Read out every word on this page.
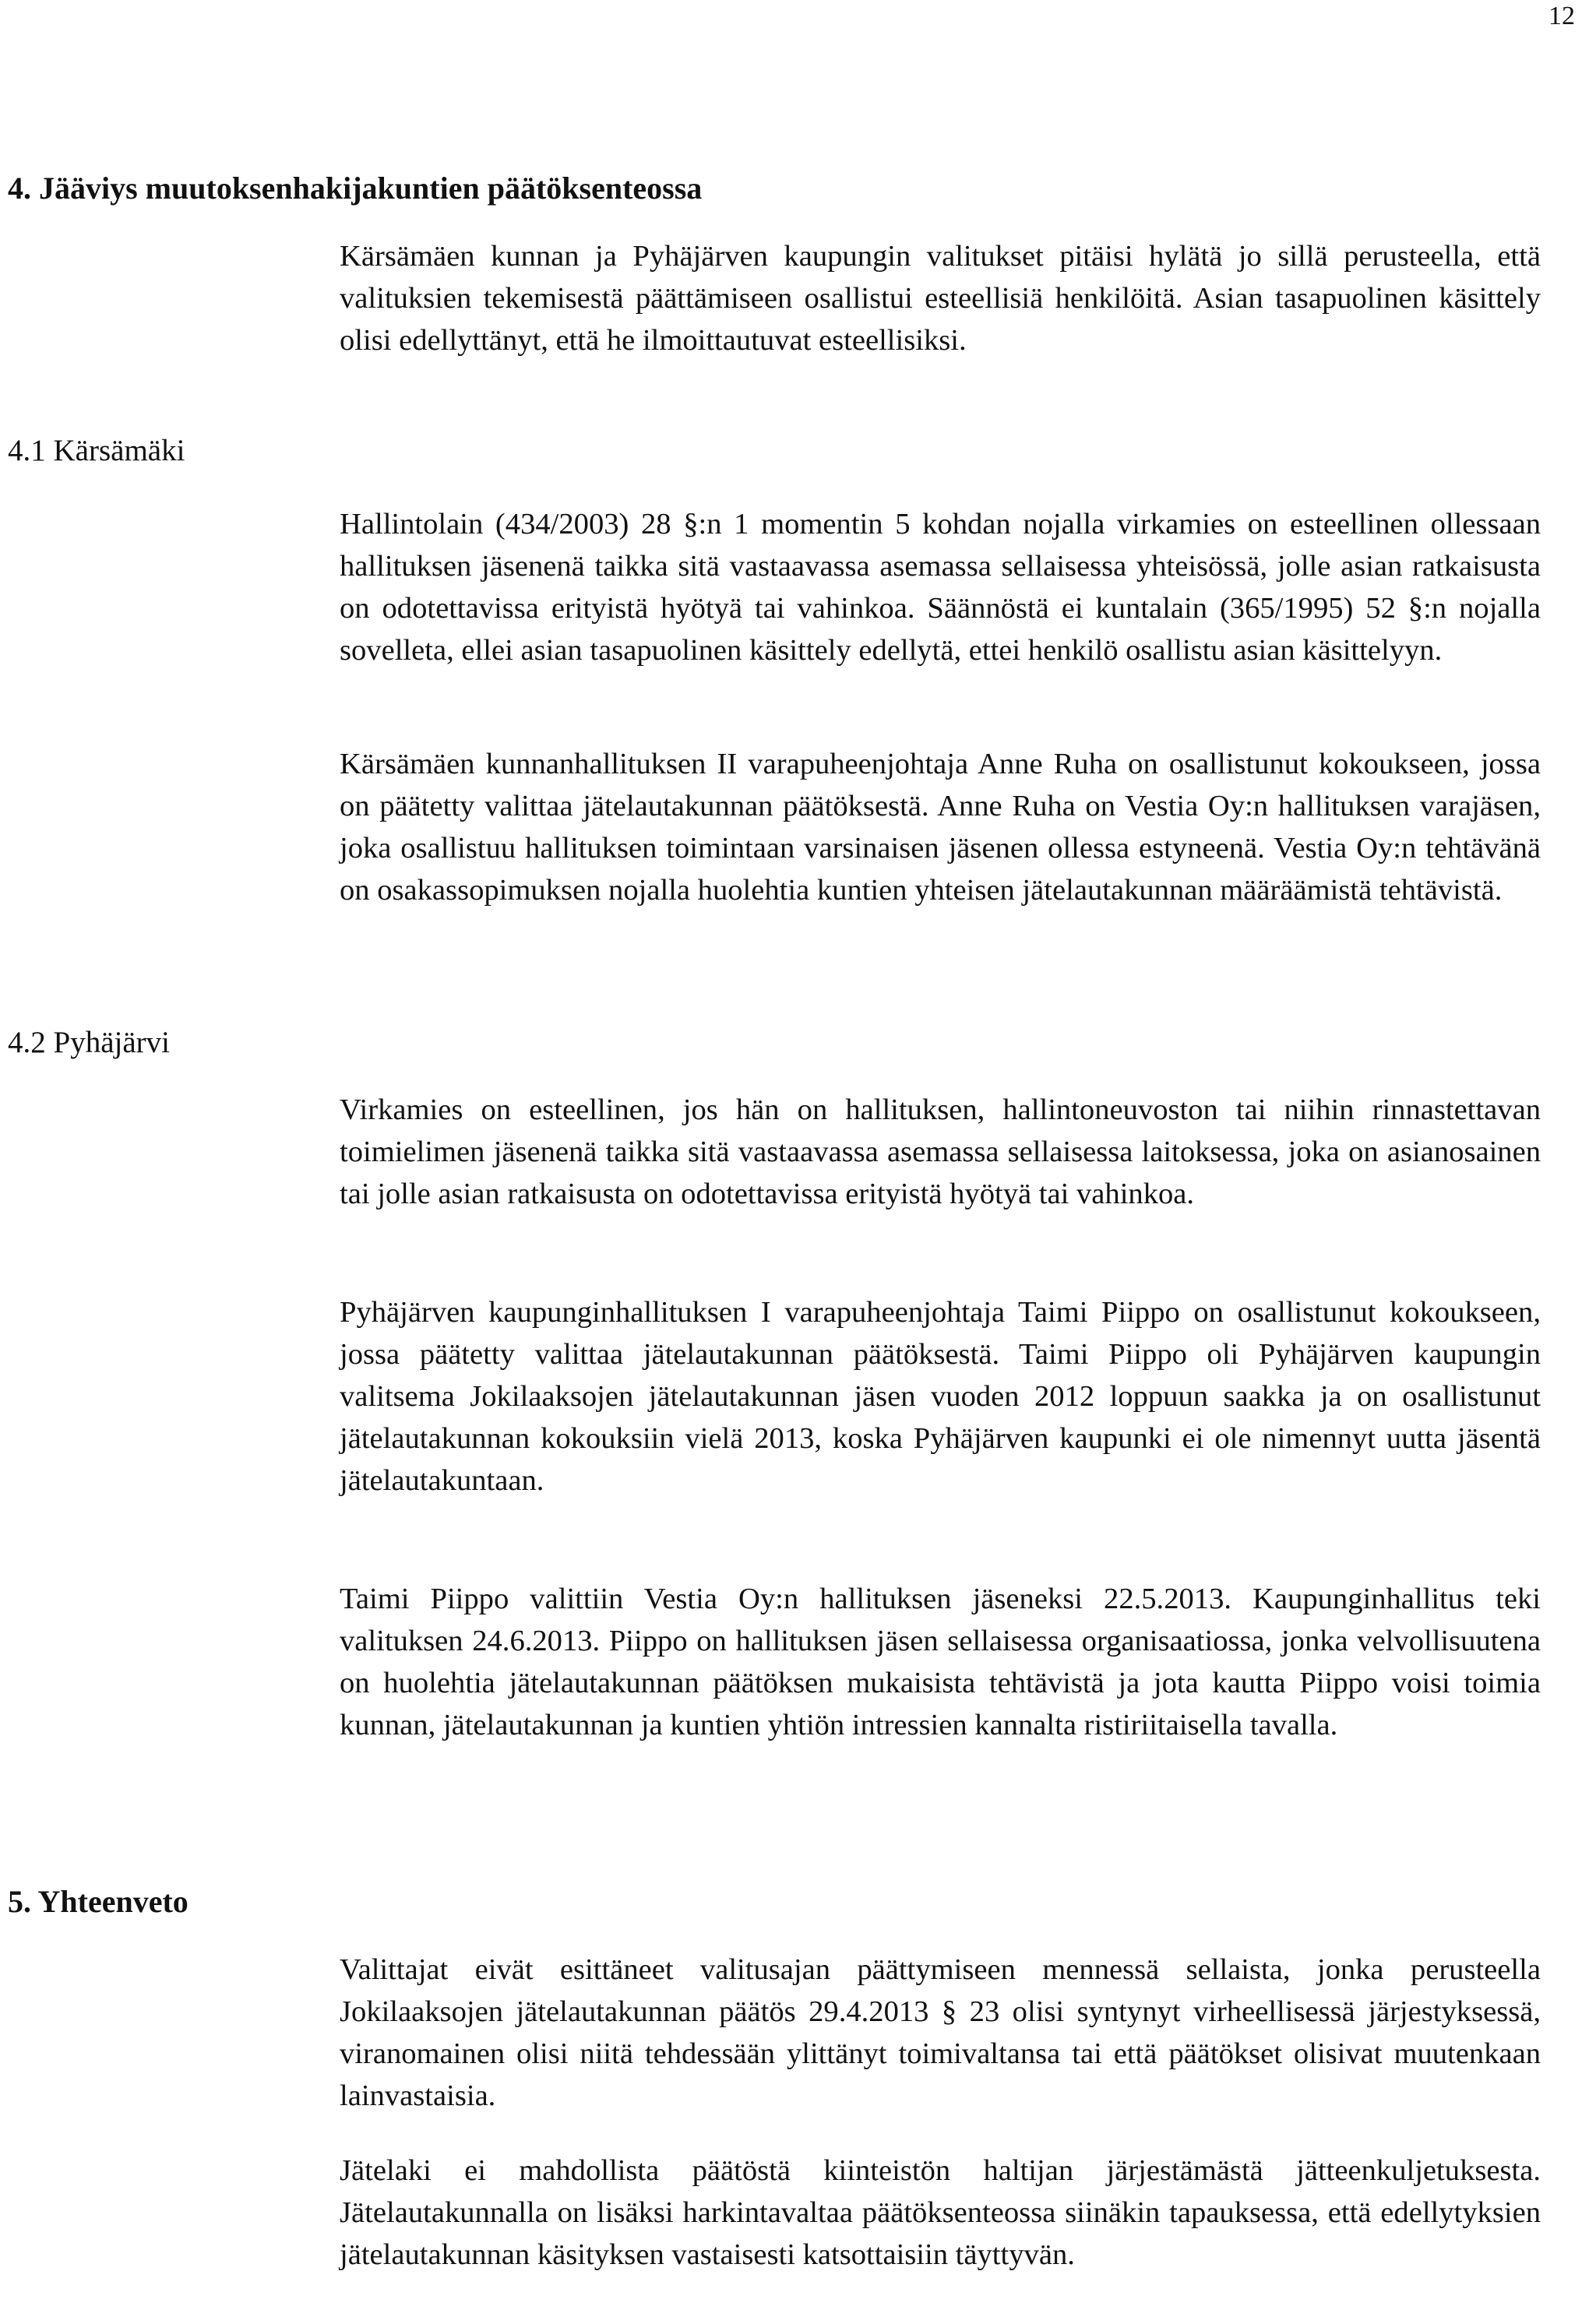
12
4. Jääviys muutoksenhakijakuntien päätöksenteossa
Kärsämäen kunnan ja Pyhäjärven kaupungin valitukset pitäisi hylätä jo sillä perusteella, että valituksien tekemisestä päättämiseen osallistui esteellisiä henkilöitä. Asian tasapuolinen käsittely olisi edellyttänyt, että he ilmoittautuvat esteellisiksi.
4.1 Kärsämäki
Hallintolain (434/2003) 28 §:n 1 momentin 5 kohdan nojalla virkamies on esteellinen ollessaan hallituksen jäsenenä taikka sitä vastaavassa asemassa sellaisessa yhteisössä, jolle asian ratkaisusta on odotettavissa erityistä hyötyä tai vahinkoa. Säännöstä ei kuntalain (365/1995) 52 §:n nojalla sovelleta, ellei asian tasapuolinen käsittely edellytä, ettei henkilö osallistu asian käsittelyyn.
Kärsämäen kunnanhallituksen II varapuheenjohtaja Anne Ruha on osallistunut kokoukseen, jossa on päätetty valittaa jätelautakunnan päätöksestä. Anne Ruha on Vestia Oy:n hallituksen varajäsen, joka osallistuu hallituksen toimintaan varsinaisen jäsenen ollessa estyneenä. Vestia Oy:n tehtävänä on osakassopimuksen nojalla huolehtia kuntien yhteisen jätelautakunnan määräämistä tehtävistä.
4.2 Pyhäjärvi
Virkamies on esteellinen, jos hän on hallituksen, hallintoneuvoston tai niihin rinnastettavan toimielimen jäsenenä taikka sitä vastaavassa asemassa sellaisessa laitoksessa, joka on asianosainen tai jolle asian ratkaisusta on odotettavissa erityistä hyötyä tai vahinkoa.
Pyhäjärven kaupunginhallituksen I varapuheenjohtaja Taimi Piippo on osallistunut kokoukseen, jossa päätetty valittaa jätelautakunnan päätöksestä. Taimi Piippo oli Pyhäjärven kaupungin valitsema Jokilaaksojen jätelautakunnan jäsen vuoden 2012 loppuun saakka ja on osallistunut jätelautakunnan kokouksiin vielä 2013, koska Pyhäjärven kaupunki ei ole nimennyt uutta jäsentä jätelautakuntaan.
Taimi Piippo valittiin Vestia Oy:n hallituksen jäseneksi 22.5.2013. Kaupunginhallitus teki valituksen 24.6.2013. Piippo on hallituksen jäsen sellaisessa organisaatiossa, jonka velvollisuutena on huolehtia jätelautakunnan päätöksen mukaisista tehtävistä ja jota kautta Piippo voisi toimia kunnan, jätelautakunnan ja kuntien yhtiön intressien kannalta ristiriitaisella tavalla.
5. Yhteenveto
Valittajat eivät esittäneet valitusajan päättymiseen mennessä sellaista, jonka perusteella Jokilaaksojen jätelautakunnan päätös 29.4.2013 § 23 olisi syntynyt virheellisessä järjestyksessä, viranomainen olisi niitä tehdessään ylittänyt toimivaltansa tai että päätökset olisivat muutenkaan lainvastaisia.
Jätelaki ei mahdollista päätöstä kiinteistön haltijan järjestämästä jätteenkuljetuksesta. Jätelautakunnalla on lisäksi harkintavaltaa päätöksenteossa siinäkin tapauksessa, että edellytyksien jätelautakunnan käsityksen vastaisesti katsottaisiin täyttyvän.
